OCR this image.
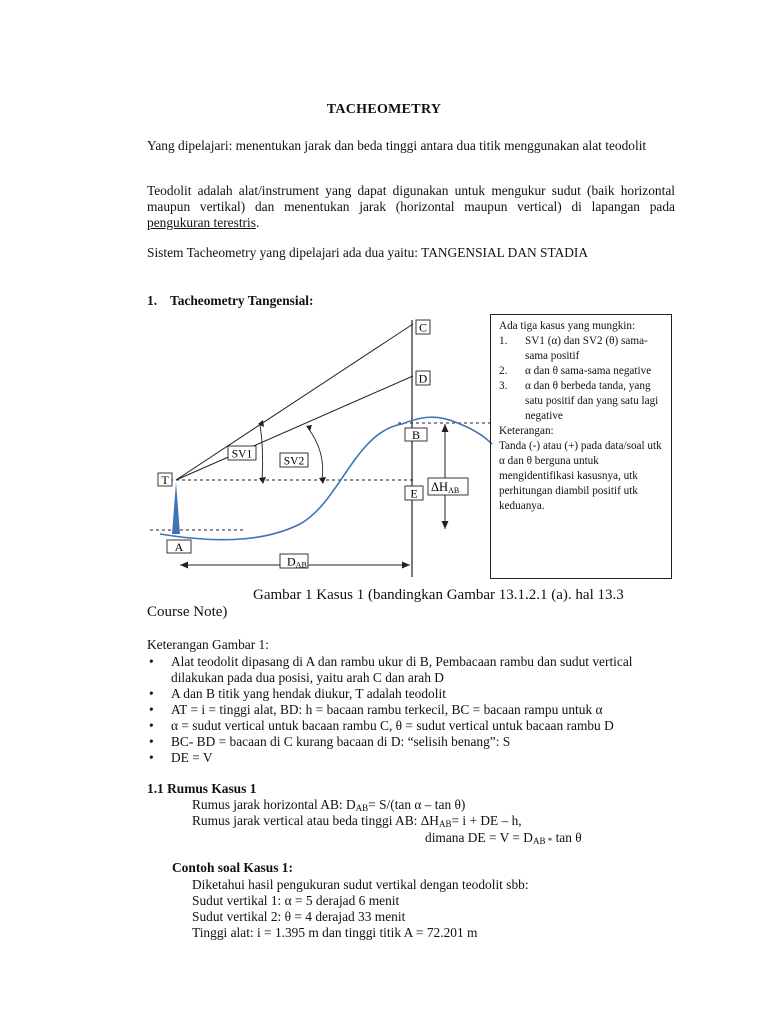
TACHEOMETRY
Yang dipelajari: menentukan jarak dan beda tinggi antara dua titik menggunakan alat teodolit
Teodolit adalah alat/instrument yang dapat digunakan untuk mengukur sudut (baik horizontal maupun vertikal) dan menentukan jarak (horizontal maupun vertical) di lapangan pada pengukuran terestris.
Sistem Tacheometry yang dipelajari ada dua yaitu: TANGENSIAL DAN STADIA
1. Tacheometry Tangensial:
C
D
B
E
T
A
SV1
SV2
DAB
ΔHAB
Ada tiga kasus yang mungkin:
1. SV1 (α) dan SV2 (θ) sama-sama positif
2. α dan θ sama-sama negative
3. α dan θ berbeda tanda, yang satu positif dan yang satu lagi negative
Keterangan:
Tanda (-) atau (+) pada data/soal utk α dan θ berguna untuk mengidentifikasi kasusnya, utk perhitungan diambil positif utk keduanya.
Gambar 1 Kasus 1 (bandingkan Gambar 13.1.2.1 (a). hal 13.3
Course Note)
Keterangan Gambar 1:
• Alat teodolit dipasang di A dan rambu ukur di B, Pembacaan rambu dan sudut vertical dilakukan pada dua posisi, yaitu arah C dan arah D
• A dan B titik yang hendak diukur, T adalah teodolit
• AT = i = tinggi alat, BD: h = bacaan rambu terkecil, BC = bacaan rampu untuk α
• α = sudut vertical untuk bacaan rambu C, θ = sudut vertical untuk bacaan rambu D
• BC- BD = bacaan di C kurang bacaan di D: “selisih benang”: S
• DE = V
1.1 Rumus Kasus 1
Rumus jarak horizontal AB: $D_{AB}= S/(\tan$ α – tan θ)
Rumus jarak vertical atau beda tinggi AB: $\Delta H_{AB}= i$ + DE – h,
dimana DE = $V = D_{AB *}$ tan θ
Contoh soal Kasus 1:
Diketahui hasil pengukuran sudut vertikal dengan teodolit sbb:
Sudut vertikal 1: α = 5 derajad 6 menit
Sudut vertikal 2: θ = 4 derajad 33 menit
Tinggi alat: i = 1.395 m dan tinggi titik A = 72.201 m
